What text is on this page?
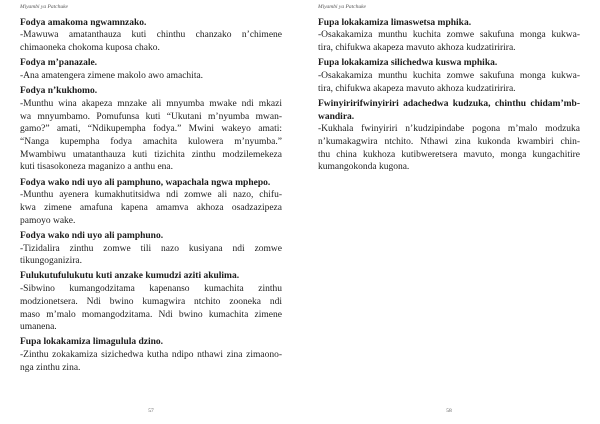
Miyambi ya Patchuke
Fodya amakoma ngwamnzako.
-Mawuwa amatanthauza kuti chinthu chanzako n’chimene
chimaoneka chokoma kuposa chako.
Fodya m’panazale.
-Ana amatengera zimene makolo awo amachita.
Fodya n’kukhomo.
-Munthu wina akapeza mnzake ali mnyumba mwake ndi mkazi
wa mnyumbamo. Pomufunsa kuti “Ukutani m’nyumba mwan-
gamo?” amati, “Ndikupempha fodya.” Mwini wakeyo amati:
“Nanga kupempha fodya amachita kulowera m’nyumba.”
Mwambiwu umatanthauza kuti tizichita zinthu modzilemekeza
kuti tisasokoneza maganizo a anthu ena.
Fodya wako ndi uyo ali pamphuno, wapachala ngwa mphepo.
-Munthu ayenera kumakhutitsidwa ndi zomwe ali nazo, chifu-
kwa zimene amafuna kapena amamva akhoza osadzazipeza
pamoyo wake.
Fodya wako ndi uyo ali pamphuno.
-Tizidalira zinthu zomwe tili nazo kusiyana ndi zomwe
tikungoganizira.
Fulukutufulukutu kuti anzake kumudzi aziti akulima.
-Sibwino kumangodzitama kapenanso kumachita zinthu
modzionetsera. Ndi bwino kumagwira ntchito zooneka ndi
maso m’malo momangodzitama. Ndi bwino kumachita zimene
umanena.
Fupa lokakamiza limagulula dzino.
-Zinthu zokakamiza sizichedwa kutha ndipo nthawi zina zimaono-
nga zinthu zina.
57
Miyambi ya Patchuke
Fupa lokakamiza limaswetsa mphika.
-Osakakamiza munthu kuchita zomwe sakufuna monga kukwa-
tira, chifukwa akapeza mavuto akhoza kudzatiririra.
Fupa lokakamiza silichedwa kuswa mphika.
-Osakakamiza munthu kuchita zomwe sakufuna monga kukwa-
tira, chifukwa akapeza mavuto akhoza kudzatiririra.
Fwinyiririfwinyiriri adachedwa kudzuka, chinthu chidam’mb-
wandira.
-Kukhala fwinyiriri n’kudzipindabe pogona m’malo modzuka
n’kumakagwira ntchito. Nthawi zina kukonda kwambiri chin-
thu china kukhoza kutibweretsera mavuto, monga kungachitire
kumangokonda kugona.
58
